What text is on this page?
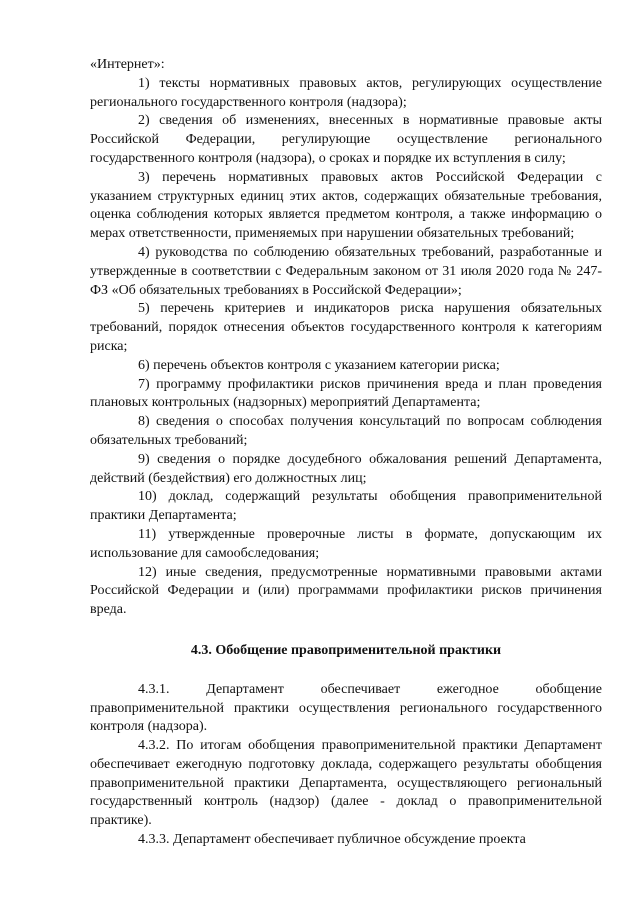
«Интернет»:

1) тексты нормативных правовых актов, регулирующих осуществление регионального государственного контроля (надзора);

2) сведения об изменениях, внесенных в нормативные правовые акты Российской Федерации, регулирующие осуществление регионального государственного контроля (надзора), о сроках и порядке их вступления в силу;

3) перечень нормативных правовых актов Российской Федерации с указанием структурных единиц этих актов, содержащих обязательные требования, оценка соблюдения которых является предметом контроля, а также информацию о мерах ответственности, применяемых при нарушении обязательных требований;

4) руководства по соблюдению обязательных требований, разработанные и утвержденные в соответствии с Федеральным законом от 31 июля 2020 года № 247-ФЗ «Об обязательных требованиях в Российской Федерации»;

5) перечень критериев и индикаторов риска нарушения обязательных требований, порядок отнесения объектов государственного контроля к категориям риска;

6) перечень объектов контроля с указанием категории риска;

7) программу профилактики рисков причинения вреда и план проведения плановых контрольных (надзорных) мероприятий Департамента;

8) сведения о способах получения консультаций по вопросам соблюдения обязательных требований;

9) сведения о порядке досудебного обжалования решений Департамента, действий (бездействия) его должностных лиц;

10) доклад, содержащий результаты обобщения правоприменительной практики Департамента;

11) утвержденные проверочные листы в формате, допускающим их использование для самообследования;

12) иные сведения, предусмотренные нормативными правовыми актами Российской Федерации и (или) программами профилактики рисков причинения вреда.

4.3. Обобщение правоприменительной практики

4.3.1. Департамент обеспечивает ежегодное обобщение правоприменительной практики осуществления регионального государственного контроля (надзора).

4.3.2. По итогам обобщения правоприменительной практики Департамент обеспечивает ежегодную подготовку доклада, содержащего результаты обобщения правоприменительной практики Департамента, осуществляющего региональный государственный контроль (надзор) (далее - доклад о правоприменительной практике).

4.3.3. Департамент обеспечивает публичное обсуждение проекта
